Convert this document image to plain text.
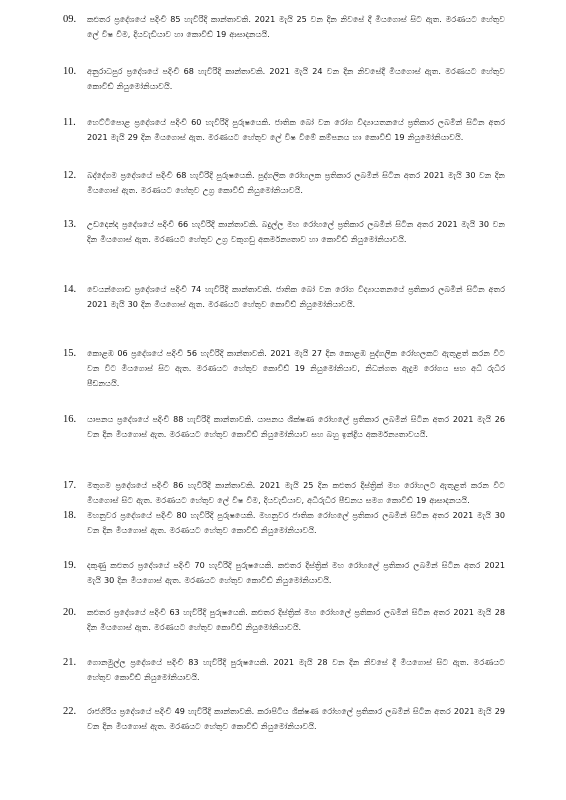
09.	කළුතර ප්‍රදේශයේ පදිංචි 85 හැවිරිදි කාන්තාවකි. 2021 මැයි 25 වන දින නිවසේ දී මියගොස් සිට ඇත. මරණයට හේතුව ලේ විෂ වීම, දියවැඩියාව හා කොවිඩ් 19 ආසාදනයයි.
10.	අනුරාධපුර ප්‍රදේශයේ පදිංචි 68 හැවිරිදි කාන්තාවකි. 2021 මැයි 24 වන දින නිවසේදී මියගොස් ඇත. මරණයට හේතුව කොවිඩ් නියුමෝනියාවයි.
11.	හෙට්ටිපොළ ප්‍රදේශයේ පදිංචි 60 හැවිරිදි පුරුෂයෙකි. ජාතික බෝ වන රෝග විද්‍යායතනයේ ප්‍රතිකාර ලබමින් සිටින අතර 2021 මැයි 29 දින මියගොස් ඇත. මරණයට හේතුව ලේ විෂ වීමේ කම්පනය හා කොවිඩ් 19 නියුමෝනියාවයි.
12.	බද්දේගම ප්‍රදේශයේ පදිංචි 68 හැවිරිදි පුරුෂයෙකි. පුද්ගලික රෝහලක ප්‍රතිකාර ලබමින් සිටින අතර 2021 මැයි 30 වන දින මියගොස් ඇත. මරණයට හේතුව උග්‍ර කොවිඩ් නියුමෝනියාවයි.
13.	උඩදෙන්ද ප්‍රදේශයේ පදිංචි 66 හැවිරිදි කාන්තාවකි. බදුල්ල මහ රෝහලේ ප්‍රතිකාර ලබමින් සිටින අතර 2021 මැයි 30 වන දින මියගොස් ඇත. මරණයට හේතුව උග්‍ර වකුගඩු අකර්මන්‍යතාව හා කොවිඩ් නියුමෝනියාවයි.
14.	වෙයන්ගොඩ ප්‍රදේශයේ පදිංචි 74 හැවිරිදි කාන්තාවකි. ජාතික බෝ වන රෝග විද්‍යායතනයේ ප්‍රතිකාර ලබමින් සිටින අතර 2021 මැයි 30 දින මියගොස් ඇත. මරණයට හේතුව කොවිඩ් නියුමෝනියාවයි.
15.	කොළඹ 06 ප්‍රදේශයේ පදිංචි 56 හැවිරිදි කාන්තාවකි. 2021 මැයි 27 දින කොළඹ පුද්ගලික රෝහලකට ඇතුළත් කරන විට වන විට මියගොස් සිට ඇත. මරණයට හේතුව කොවිඩ් 19 නියුමෝනියාව, නිධන්ගත ඇදුම රෝගය සහ අධි රුධිර පීඩනයයි.
16.	යාපනය ප්‍රදේශයේ පදිංචි 88 හැවිරිදි කාන්තාවකි. යාපනය ශික්ෂණ රෝහලේ ප්‍රතිකාර ලබමින් සිටින අතර 2021 මැයි 26 වන දින මියගොස් ඇත. මරණයට හේතුව කොවිඩ් නියුමෝනියාව සහ බහු ඉන්ද්‍රිය අකර්මන්‍යතාවයයි.
17.	මතුගම ප්‍රදේශයේ පදිංචි 86 හැවිරිදි කාන්තාවකි. 2021 මැයි 25 දින කළුතර දිස්ත්‍රික් මහ රෝහලට ඇතුළත් කරන විට මියගොස් සිට ඇත. මරණයට හේතුව ලේ විෂ වීම, දියවැඩියාව, අධිරුධිර පීඩනය සමග කොවිඩ් 19 ආසාදනයයි.
18.	මහනුවර ප්‍රදේශයේ පදිංචි 80 හැවිරිදි පුරුෂයෙකි. මහනුවර ජාතික රෝහලේ ප්‍රතිකාර ලබමින් සිටින අතර 2021 මැයි 30 වන දින මියගොස් ඇත. මරණයට හේතුව කොවිඩ් නියුමෝනියාවයි.
19.	දකුණු කළුතර ප්‍රදේශයේ පදිංචි 70 හැවිරිදි පුරුෂයෙකි. කළුතර දිස්ත්‍රික් මහ රෝහලේ ප්‍රතිකාර ලබමින් සිටින අතර 2021 මැයි 30 දින මියගොස් ඇත. මරණයට හේතුව කොවිඩ් නියුමෝනියාවයි.
20.	කළුතර ප්‍රදේශයේ පදිංචි 63 හැවිරිදි පුරුෂයෙකි. කළුතර දිස්ත්‍රික් මහ රෝහලේ ප්‍රතිකාර ලබමින් සිටින අතර 2021 මැයි 28 දින මියගොස් ඇත. මරණයට හේතුව කොවිඩ් නියුමෝනියාවයි.
21.	ගොනමුල්ල ප්‍රදේශයේ පදිංචි 83 හැවිරිදි පුරුෂයෙකි. 2021 මැයි 28 වන දින නිවසේ දී මියගොස් සිට ඇත. මරණයට හේතුව කොවිඩ් නියුමෝනියාවයි.
22.	රාජගිරිය ප්‍රදේශයේ පදිංචි 49 හැවිරිදි කාන්තාවකි. කරාපිටිය ශික්ෂණ රෝහලේ ප්‍රතිකාර ලබමින් සිටින අතර 2021 මැයි 29 වන දින මියගොස් ඇත. මරණයට හේතුව කොවිඩ් නියුමෝනියාවයි.
